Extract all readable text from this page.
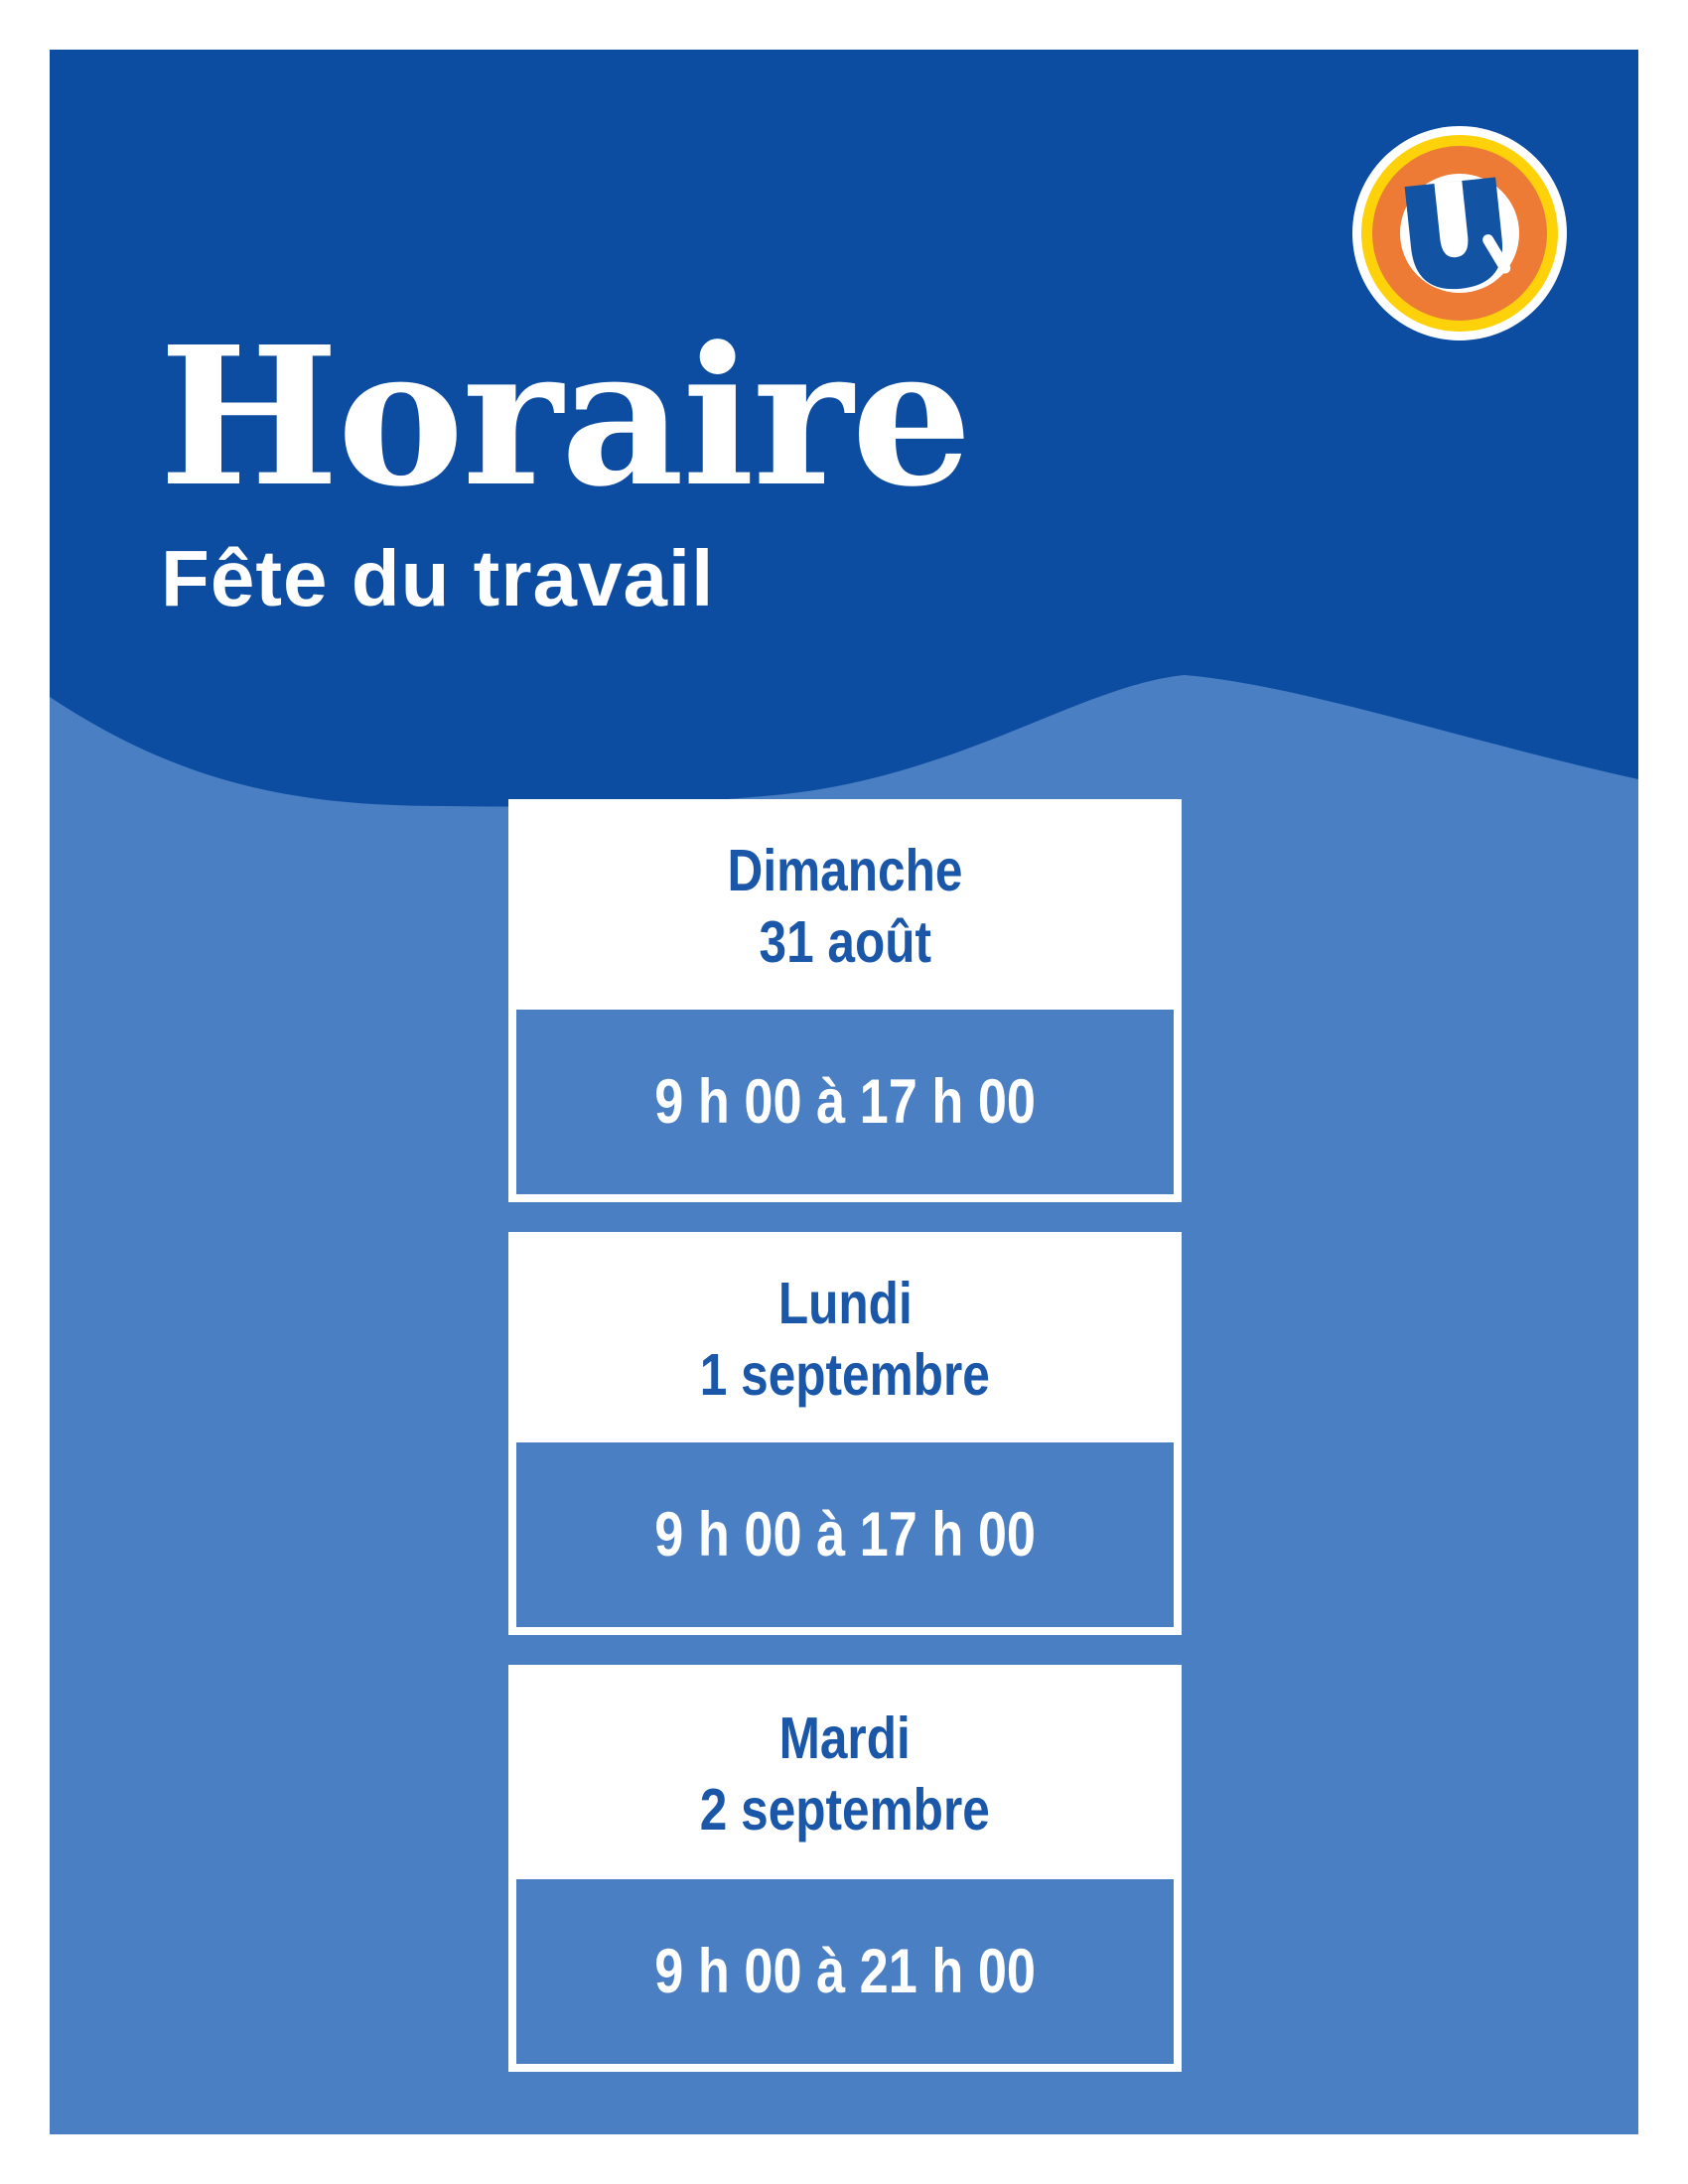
Horaire
Fête du travail
Dimanche
31 août
9 h 00 à 17 h 00
Lundi
1 septembre
9 h 00 à 17 h 00
Mardi
2 septembre
9 h 00 à 21 h 00
